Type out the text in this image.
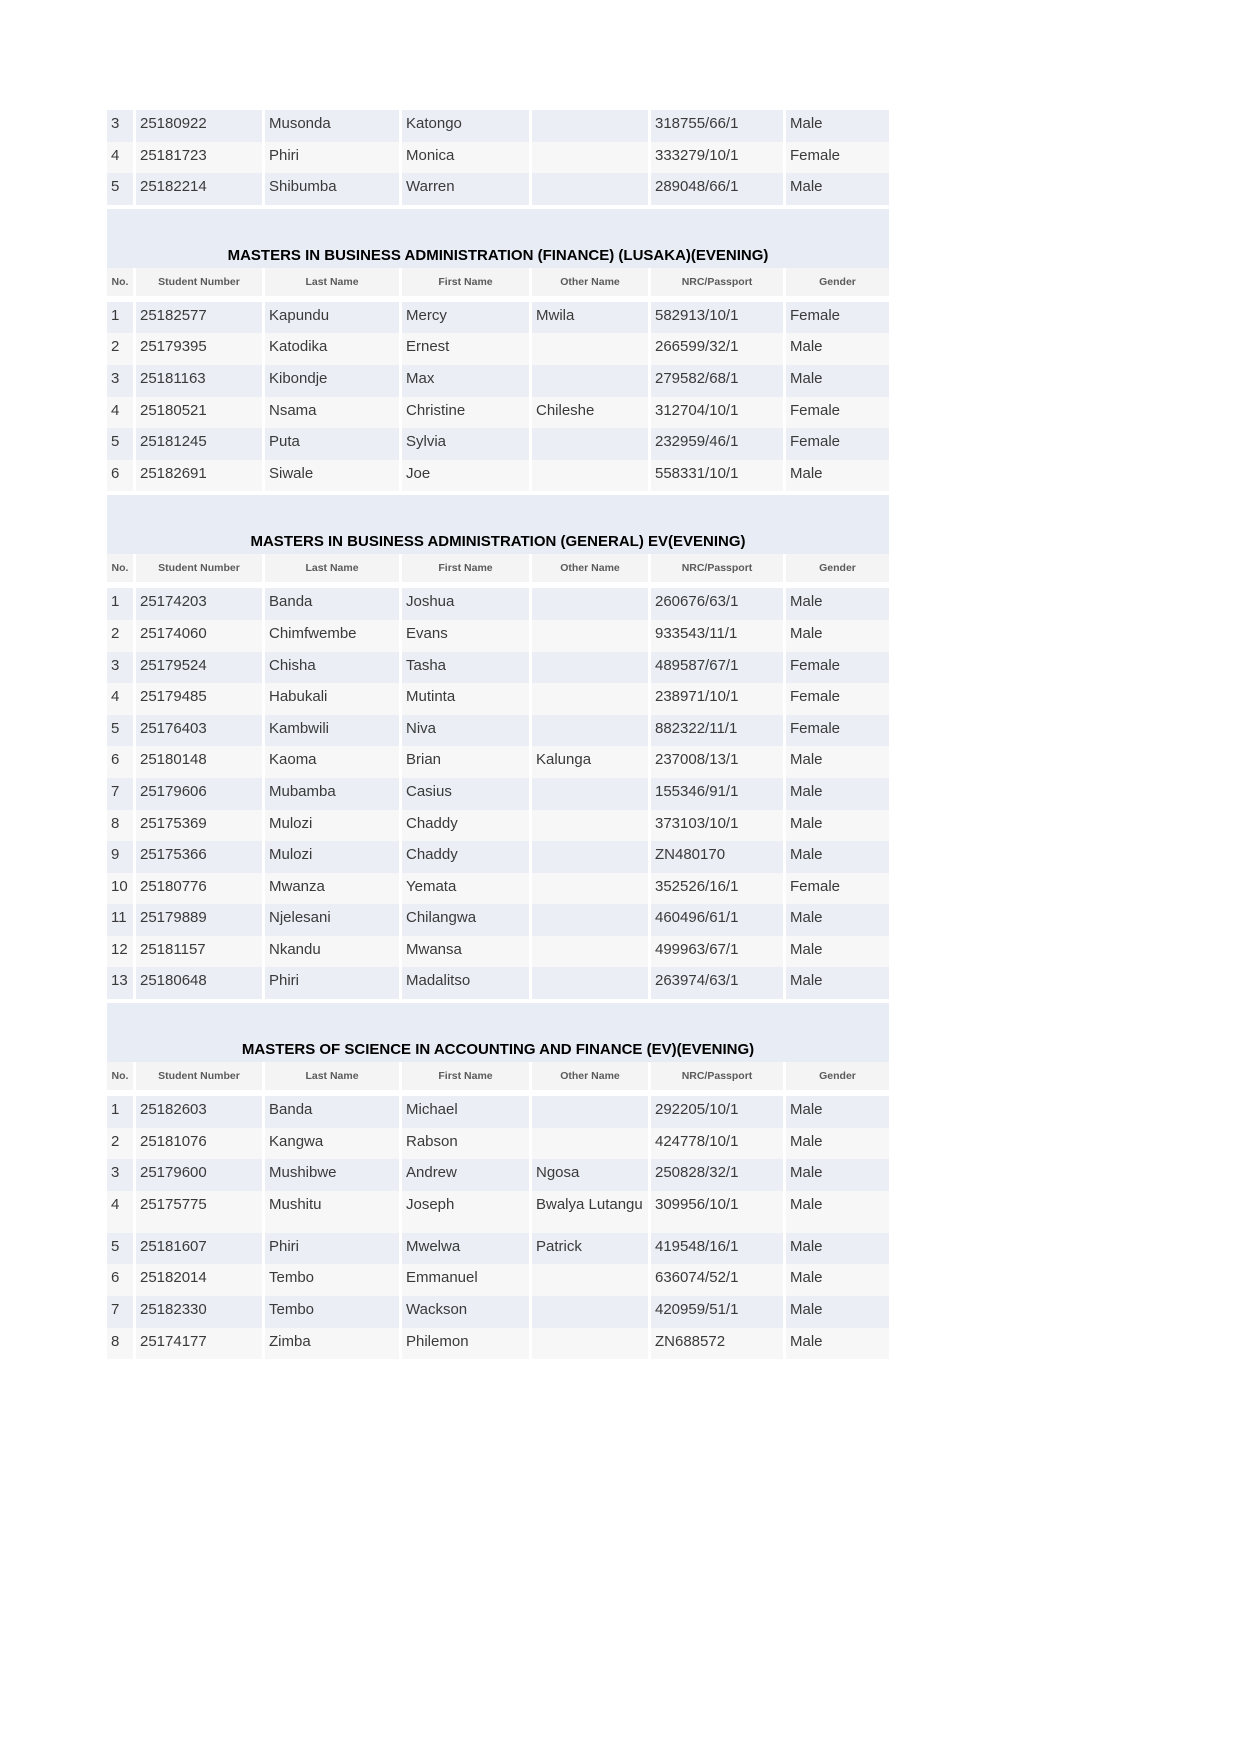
3	25180922	Musonda	Katongo		318755/66/1	Male
4	25181723	Phiri	Monica		333279/10/1	Female
5	25182214	Shibumba	Warren		289048/66/1	Male
MASTERS IN BUSINESS ADMINISTRATION (FINANCE) (LUSAKA)(EVENING)
No.	Student Number	Last Name	First Name	Other Name	NRC/Passport	Gender

1	25182577	Kapundu	Mercy	Mwila	582913/10/1	Female
2	25179395	Katodika	Ernest		266599/32/1	Male
3	25181163	Kibondje	Max		279582/68/1	Male
4	25180521	Nsama	Christine	Chileshe	312704/10/1	Female
5	25181245	Puta	Sylvia		232959/46/1	Female
6	25182691	Siwale	Joe		558331/10/1	Male
MASTERS IN BUSINESS ADMINISTRATION (GENERAL) EV(EVENING)
No.	Student Number	Last Name	First Name	Other Name	NRC/Passport	Gender

1	25174203	Banda	Joshua		260676/63/1	Male
2	25174060	Chimfwembe	Evans		933543/11/1	Male
3	25179524	Chisha	Tasha		489587/67/1	Female
4	25179485	Habukali	Mutinta		238971/10/1	Female
5	25176403	Kambwili	Niva		882322/11/1	Female
6	25180148	Kaoma	Brian	Kalunga	237008/13/1	Male
7	25179606	Mubamba	Casius		155346/91/1	Male
8	25175369	Mulozi	Chaddy		373103/10/1	Male
9	25175366	Mulozi	Chaddy		ZN480170	Male
10	25180776	Mwanza	Yemata		352526/16/1	Female
11	25179889	Njelesani	Chilangwa		460496/61/1	Male
12	25181157	Nkandu	Mwansa		499963/67/1	Male
13	25180648	Phiri	Madalitso		263974/63/1	Male
MASTERS OF SCIENCE IN ACCOUNTING AND FINANCE (EV)(EVENING)
No.	Student Number	Last Name	First Name	Other Name	NRC/Passport	Gender

1	25182603	Banda	Michael		292205/10/1	Male
2	25181076	Kangwa	Rabson		424778/10/1	Male
3	25179600	Mushibwe	Andrew	Ngosa	250828/32/1	Male
4	25175775	Mushitu	Joseph	Bwalya Lutangu	309956/10/1	Male
5	25181607	Phiri	Mwelwa	Patrick	419548/16/1	Male
6	25182014	Tembo	Emmanuel		636074/52/1	Male
7	25182330	Tembo	Wackson		420959/51/1	Male
8	25174177	Zimba	Philemon		ZN688572	Male
